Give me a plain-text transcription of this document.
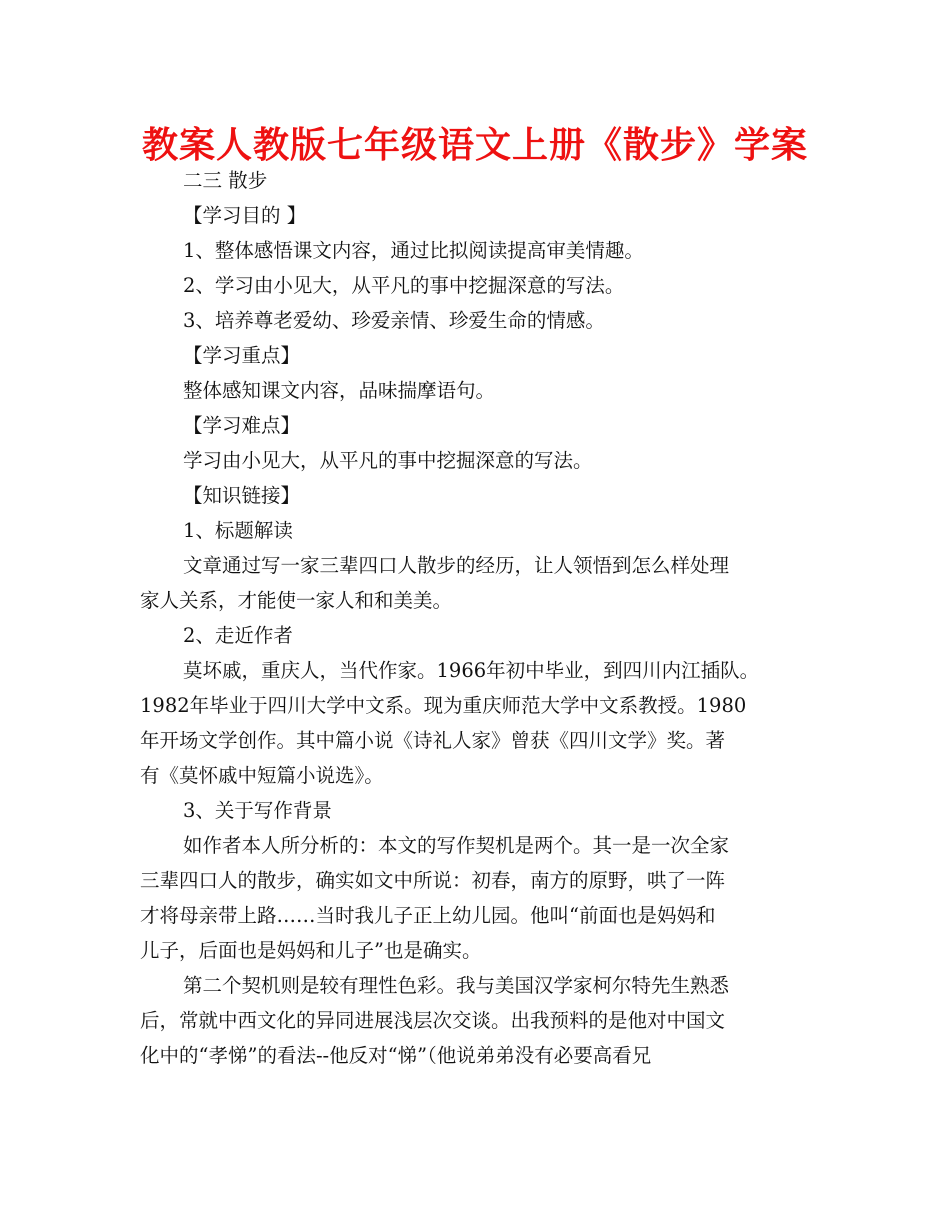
教案人教版七年级语文上册《散步》学案
二三 散步
【学习目的 】
1、整体感悟课文内容，通过比拟阅读提高审美情趣。
2、学习由小见大，从平凡的事中挖掘深意的写法。
3、培养尊老爱幼、珍爱亲情、珍爱生命的情感。
【学习重点】
整体感知课文内容，品味揣摩语句。
【学习难点】
学习由小见大，从平凡的事中挖掘深意的写法。
【知识链接】
1、标题解读
文章通过写一家三辈四口人散步的经历，让人领悟到怎么样处理
家人关系，才能使一家人和和美美。
2、走近作者
莫坏戚，重庆人，当代作家。1966年初中毕业，到四川内江插队。
1982年毕业于四川大学中文系。现为重庆师范大学中文系教授。1980
年开场文学创作。其中篇小说《诗礼人家》曾获《四川文学》奖。著
有《莫怀戚中短篇小说选》。
3、关于写作背景
如作者本人所分析的：本文的写作契机是两个。其一是一次全家
三辈四口人的散步，确实如文中所说：初春，南方的原野，哄了一阵
才将母亲带上路……当时我儿子正上幼儿园。他叫“前面也是妈妈和
儿子，后面也是妈妈和儿子”也是确实。
第二个契机则是较有理性色彩。我与美国汉学家柯尔特先生熟悉
后，常就中西文化的异同进展浅层次交谈。出我预料的是他对中国文
化中的“孝悌”的看法--他反对“悌”（他说弟弟没有必要高看兄
